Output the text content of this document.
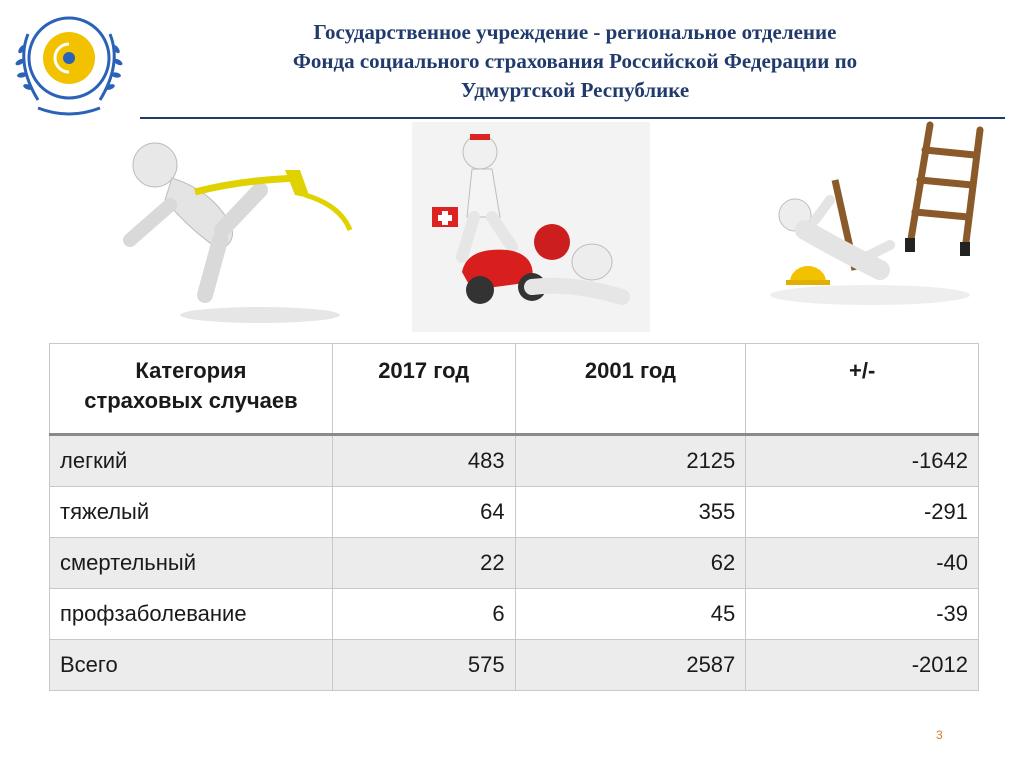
Государственное учреждение - региональное отделение
Фонда социального страхования Российской Федерации по
Удмуртской Республике
Категория
страховых случаев	2017 год	2001 год	+/-
легкий	483	2125	-1642
тяжелый	64	355	-291
смертельный	22	62	-40
профзаболевание	6	45	-39
Всего	575	2587	-2012
3
